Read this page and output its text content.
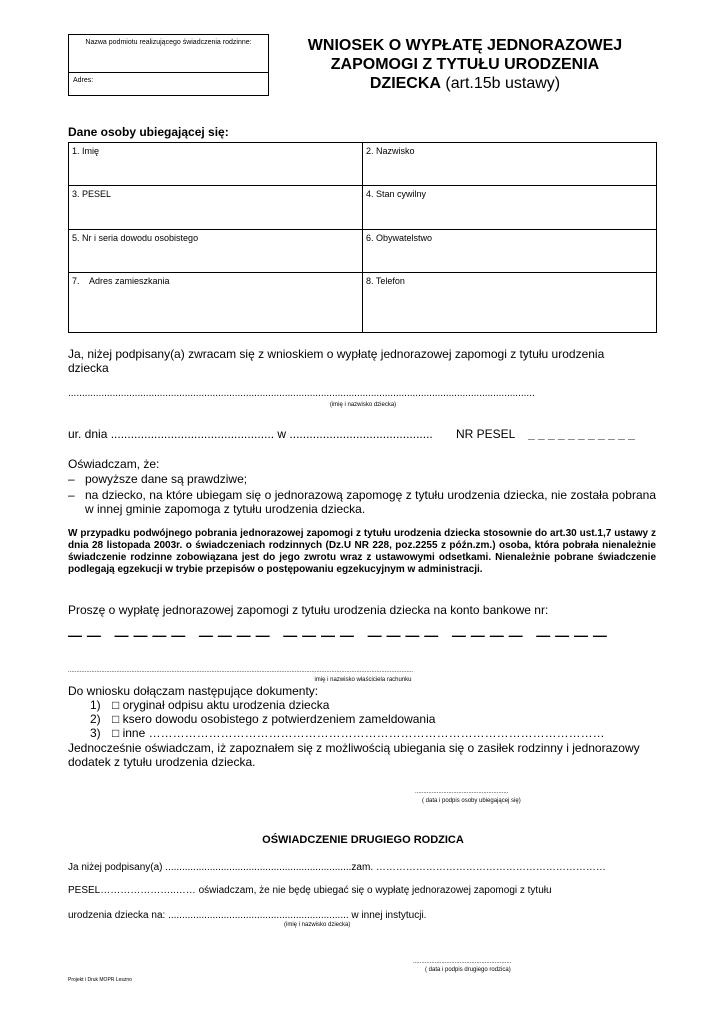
Nazwa podmiotu realizującego świadczenia rodzinne:
Adres:
WNIOSEK O WYPŁATĘ JEDNORAZOWEJ
ZAPOMOGI Z TYTUŁU URODZENIA
DZIECKA (art.15b ustawy)
Dane osoby ubiegającej się:
1. Imię	2. Nazwisko
3. PESEL	4. Stan cywilny
5. Nr i seria dowodu osobistego	6. Obywatelstwo
7.    Adres zamieszkania	8. Telefon
Ja, niżej podpisany(a) zwracam się z wnioskiem o wypłatę jednorazowej zapomogi z tytułu urodzenia dziecka
........................................................................................................................................................................
(imię i nazwisko dziecka)
ur. dnia ................................................. w ........................................... NR PESEL _ _ _ _ _ _ _ _ _ _ _
Oświadczam, że:
– powyższe dane są prawdziwe;
– na dziecko, na które ubiegam się o jednorazową zapomogę z tytułu urodzenia dziecka, nie została pobrana w innej gminie zapomoga z tytułu urodzenia dziecka.
W przypadku podwójnego pobrania jednorazowej zapomogi z tytułu urodzenia dziecka stosownie do art.30 ust.1,7 ustawy z dnia 28 listopada 2003r. o świadczeniach rodzinnych (Dz.U NR 228, poz.2255 z późn.zm.) osoba, która pobrała nienależnie świadczenie rodzinne zobowiązana jest do jego zwrotu wraz z ustawowymi odsetkami. Nienależnie pobrane świadczenie podlegają egzekucji w trybie przepisów o postępowaniu egzekucyjnym w administracji.
Proszę o wypłatę jednorazowej zapomogi z tytułu urodzenia dziecka na konto bankowe nr:
— —   — — — —   — — — —   — — — —   — — — —   — — — —   — — — —
...............................................................................................................................................................................................................
imię i nazwisko właściciela rachunku
Do wniosku dołączam następujące dokumenty:
1) □ oryginał odpisu aktu urodzenia dziecka
2) □ ksero dowodu osobistego z potwierdzeniem zameldowania
3) □ inne ……………………………………………………………………………………………………
Jednocześnie oświadczam, iż zapoznałem się z możliwością ubiegania się o zasiłek rodzinny i jednorazowy dodatek z tytułu urodzenia dziecka.
........................................................
( data i podpis osoby ubiegającej się)
OŚWIADCZENIE DRUGIEGO RODZICA
Ja niżej podpisany(a) ...................................................................zam. ……………………………………………………………
PESEL…………………..…… oświadczam, że nie będę ubiegać się o wypłatę jednorazowej zapomogi z tytułu
urodzenia dziecka na: ................................................................. w innej instytucji.
(imię i nazwisko dziecka)
...........................................................
( data i podpis drugiego rodzica)
Projekt i Druk MOPR Leszno
